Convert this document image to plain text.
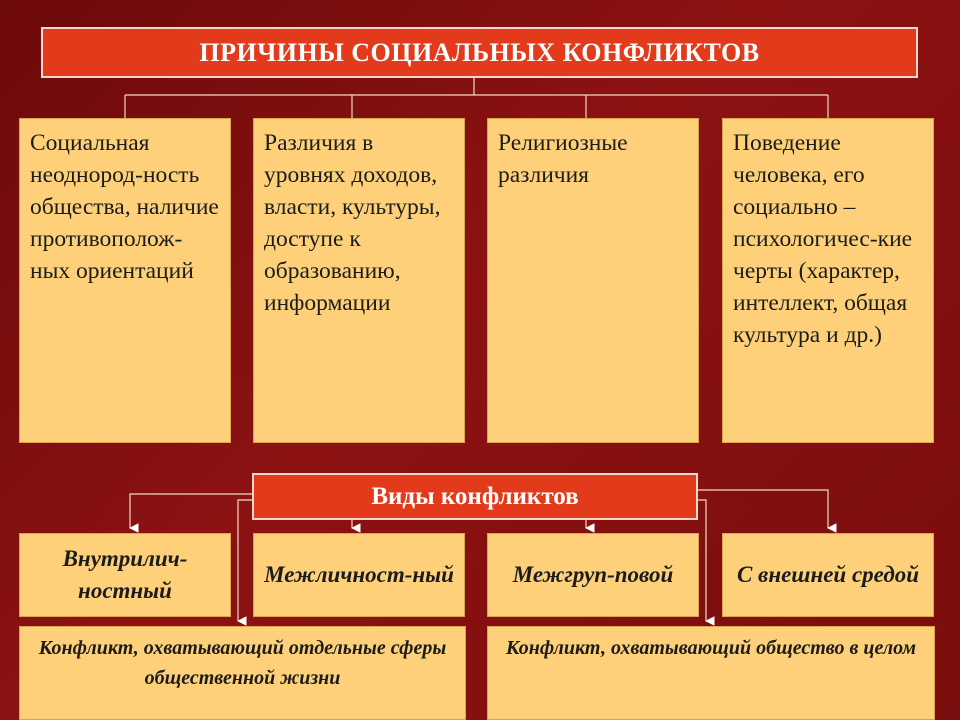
ПРИЧИНЫ СОЦИАЛЬНЫХ КОНФЛИКТОВ
Социальная неоднород-ность общества, наличие противополож-ных ориентаций
Различия в уровнях доходов, власти, культуры, доступе к образованию, информации
Религиозные различия
Поведение человека, его социально – психологичес-кие черты (характер, интеллект, общая культура и др.)
Виды конфликтов
Внутрилич-ностный
Межличност-ный	Межгруп-повой	С внешней средой
Конфликт, охватывающий отдельные сферы общественной жизни
Конфликт, охватывающий общество в целом
